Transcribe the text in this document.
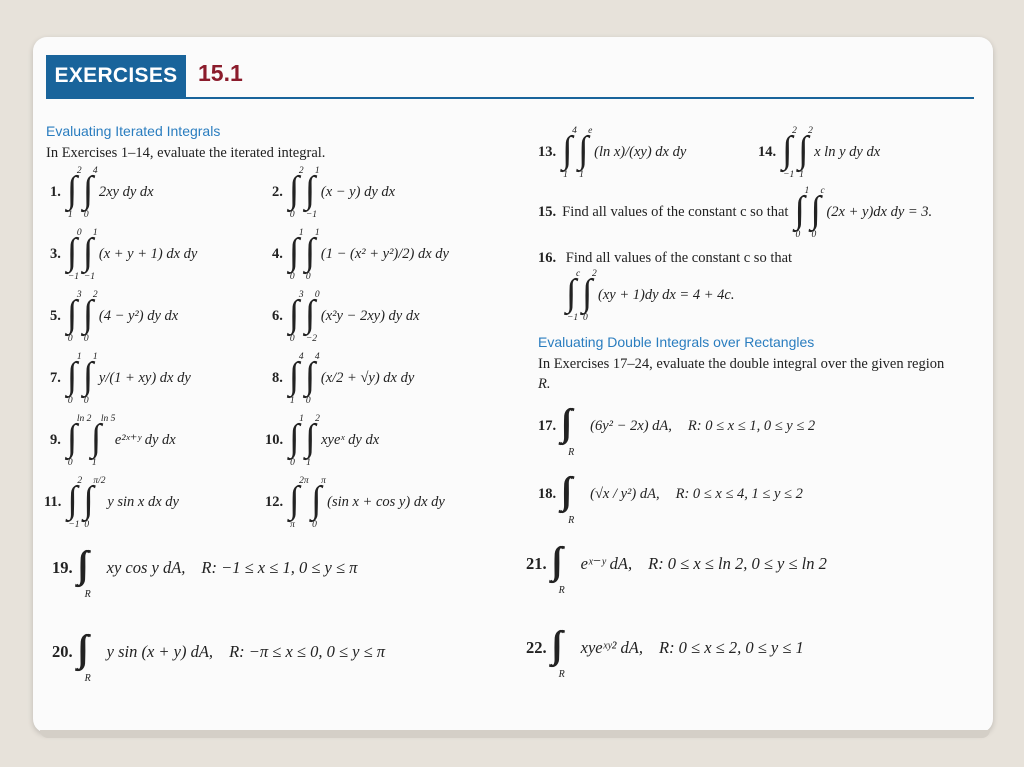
EXERCISES 15.1
Evaluating Iterated Integrals
In Exercises 1–14, evaluate the iterated integral.
1. ∫ 2
1
∫ 4
0
2xy dy dx	2. ∫ 2
0
∫ 1
−1
(x − y) dy dx
3. ∫ 0
−1
∫ 1
−1
(x + y + 1) dx dy	4. ∫ 1
0
∫ 1
0
(1 − (x² + y²)/2) dx dy
5. ∫ 3
0
∫ 2
0
(4 − y²) dy dx	6. ∫ 3
0
∫ 0
−2
(x²y − 2xy) dy dx
7. ∫ 1
0
∫ 1
0
y/(1 + xy) dx dy	8. ∫ 4
1
∫ 4
0
(x/2 + √y) dx dy
9. ∫ ln 2
0
∫ ln 5
1
e²ˣ⁺ʸ dy dx	10. ∫ 1
0
∫ 2
1
xyeˣ dy dx
11. ∫ 2
−1
∫ π/2
0
y sin x dx dy	12. ∫ 2π
π
∫ π
0
(sin x + cos y) dx dy
13. ∫ 4
1
∫ e
1
(ln x)/(xy) dx dy	14. ∫ 2
−1
∫ 2
1
x ln y dy dx
15. Find all values of the constant c so that ∫ 1
0
∫ c
0
(2x + y)dx dy = 3.
16. Find all values of the constant c so that
∫ c
−1
∫ 2
0
(xy + 1)dy dx = 4 + 4c.
Evaluating Double Integrals over Rectangles
In Exercises 17–24, evaluate the double integral over the given region
R.
17.
R
(6y² − 2x) dA, R: 0 ≤ x ≤ 1, 0 ≤ y ≤ 2
18.
R
(√x / y²) dA, R: 0 ≤ x ≤ 4, 1 ≤ y ≤ 2
19.
R
xy cos y dA, R: −1 ≤ x ≤ 1, 0 ≤ y ≤ π
20.
R
y sin (x + y) dA, R: −π ≤ x ≤ 0, 0 ≤ y ≤ π
21.
R
eˣ⁻ʸ dA, R: 0 ≤ x ≤ ln 2, 0 ≤ y ≤ ln 2
22.
R
xyeˣʸ² dA, R: 0 ≤ x ≤ 2, 0 ≤ y ≤ 1
